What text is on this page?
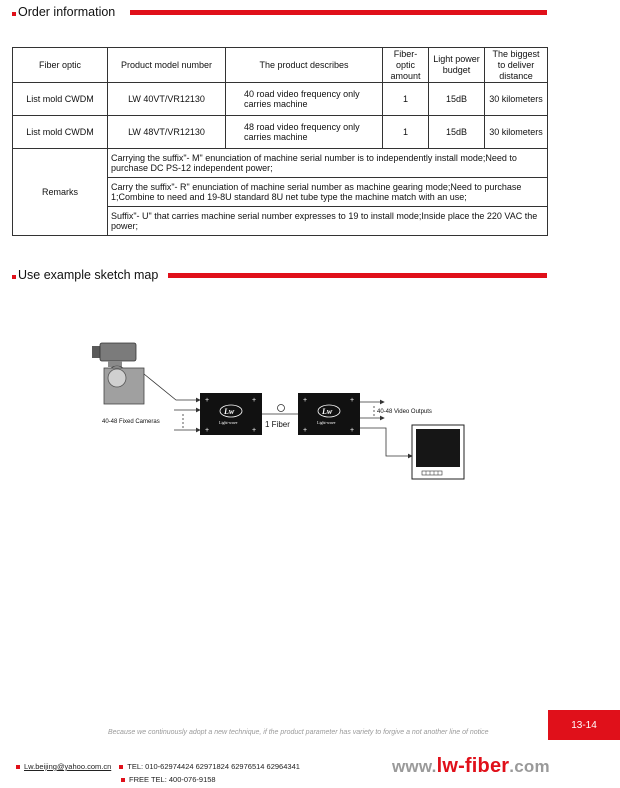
Order information
Fiber optic	Product model number	The product describes	Fiber-optic amount	Light power budget	The biggest to deliver distance
List mold CWDM	LW 40VT/VR12130	40 road video frequency only carries machine	1	15dB	30 kilometers
List mold CWDM	LW 48VT/VR12130	48 road video frequency only carries machine	1	15dB	30 kilometers
Remarks	Carrying the suffix"- M" enunciation of machine serial number is to independently install mode;Need to purchase DC PS-12 independent power;				
	Carry the suffix"- R" enunciation of machine serial number as machine gearing mode;Need to purchase 1;Combine to need and 19-8U standard 8U net tube type the machine match with an use;				
	Suffix"- U" that carries machine serial number expresses to 19 to install mode;Inside place the 220 VAC the power;				
Use example sketch map
40-48 Fixed Cameras
+	+
+	+
Lw
Light-wave	1 Fiber
+	+
+	+
Lw
Light-wave
40-48 Video Outputs
Because we continuously adopt a new technique, if the product parameter has variety to forgive a not another line of notice
13-14
Lw.beijing@yahoo.com.cn TEL: 010-62974424 62971824 62976514 62964341
FREE TEL: 400-076-9158
www.lw-fiber.com
